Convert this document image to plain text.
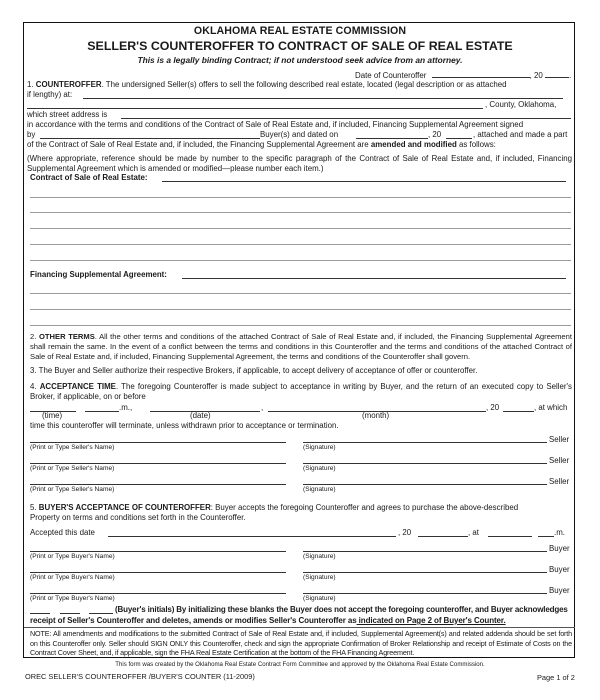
OKLAHOMA REAL ESTATE COMMISSION
SELLER'S COUNTEROFFER TO CONTRACT OF SALE OF REAL ESTATE
This is a legally binding Contract; if not understood seek advice from an attorney.
Date of Counteroffer	, 20	.
1. COUNTEROFFER. The undersigned Seller(s) offers to sell the following described real estate, located (legal description or as attached
if lengthy) at:
, County, Oklahoma,
which street address is
in accordance with the terms and conditions of the Contract of Sale of Real Estate and, if included, Financing Supplemental Agreement signed
by	Buyer(s) and dated on	, 20	, attached and made a part
of the Contract of Sale of Real Estate and, if included, the Financing Supplemental Agreement are amended and modified as follows:
(Where appropriate, reference should be made by number to the specific paragraph of the Contract of Sale of Real Estate and, if included, Financing Supplemental Agreement which is amended or modified—please number each item.)
Contract of Sale of Real Estate:
Financing Supplemental Agreement:
2. OTHER TERMS. All the other terms and conditions of the attached Contract of Sale of Real Estate and, if included, the Financing Supplemental Agreement shall remain the same. In the event of a conflict between the terms and conditions in this Counteroffer and the terms and conditions of the attached Contract of Sale of Real Estate and, if included, Financing Supplemental Agreement, the terms and conditions of the Counteroffer shall govern.
3. The Buyer and Seller authorize their respective Brokers, if applicable, to accept delivery of acceptance of offer or counteroffer.
4. ACCEPTANCE TIME. The foregoing Counteroffer is made subject to acceptance in writing by Buyer, and the return of an executed copy to Seller's Broker, if applicable, on or before
.m.,	,	, 20	, at which
(time)	(date)	(month)
time this counteroffer will terminate, unless withdrawn prior to acceptance or termination.
(Print or Type Seller's Name)	(Signature)
Seller
(Print or Type Seller's Name)	(Signature)
Seller
(Print or Type Seller's Name)	(Signature)
Seller
5. BUYER'S ACCEPTANCE OF COUNTEROFFER: Buyer accepts the foregoing Counteroffer and agrees to purchase the above-described Property on terms and conditions set forth in the Counteroffer.
Accepted this date	, 20	, at	.m.
(Print or Type Buyer's Name)	(Signature)
Buyer
(Print or Type Buyer's Name)	(Signature)
Buyer
(Print or Type Buyer's Name)	(Signature)
Buyer
(Buyer's initials) By initializing these blanks the Buyer does not accept the foregoing counteroffer, and Buyer acknowledges
receipt of Seller's Counteroffer and deletes, amends or modifies Seller's Counteroffer as indicated on Page 2 of Buyer's Counter.
NOTE: All amendments and modifications to the submitted Contract of Sale of Real Estate and, if included, Supplemental Agreement(s) and related addenda should be set forth on this Counteroffer only. Seller should SIGN ONLY this Counteroffer, check and sign the appropriate Confirmation of Broker Relationship and receipt of Estimate of Costs on the Contract Cover Sheet, and, if applicable, sign the FHA Real Estate Certification at the bottom of the FHA Financing Agreement.
This form was created by the Oklahoma Real Estate Contract Form Committee and approved by the Oklahoma Real Estate Commission.
OREC SELLER'S COUNTEROFFER /BUYER'S COUNTER (11-2009)	Page 1 of 2
